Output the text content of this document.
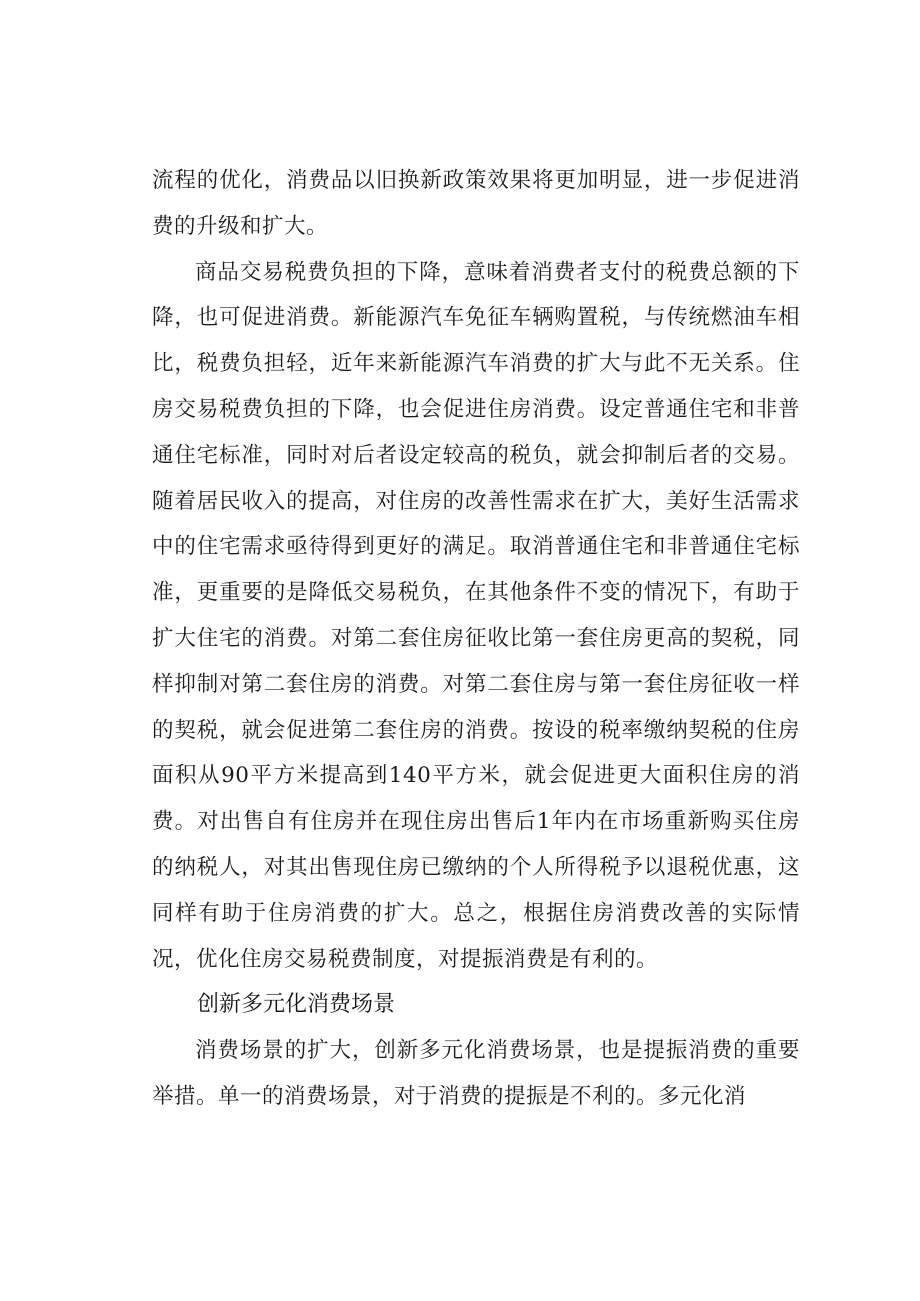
流程的优化，消费品以旧换新政策效果将更加明显，进一步促进消费的升级和扩大。

商品交易税费负担的下降，意味着消费者支付的税费总额的下降，也可促进消费。新能源汽车免征车辆购置税，与传统燃油车相比，税费负担轻，近年来新能源汽车消费的扩大与此不无关系。住房交易税费负担的下降，也会促进住房消费。设定普通住宅和非普通住宅标准，同时对后者设定较高的税负，就会抑制后者的交易。随着居民收入的提高，对住房的改善性需求在扩大，美好生活需求中的住宅需求亟待得到更好的满足。取消普通住宅和非普通住宅标准，更重要的是降低交易税负，在其他条件不变的情况下，有助于扩大住宅的消费。对第二套住房征收比第一套住房更高的契税，同样抑制对第二套住房的消费。对第二套住房与第一套住房征收一样的契税，就会促进第二套住房的消费。按设的税率缴纳契税的住房面积从90平方米提高到140平方米，就会促进更大面积住房的消费。对出售自有住房并在现住房出售后1年内在市场重新购买住房的纳税人，对其出售现住房已缴纳的个人所得税予以退税优惠，这同样有助于住房消费的扩大。总之，根据住房消费改善的实际情况，优化住房交易税费制度，对提振消费是有利的。

创新多元化消费场景

消费场景的扩大，创新多元化消费场景，也是提振消费的重要举措。单一的消费场景，对于消费的提振是不利的。多元化消
